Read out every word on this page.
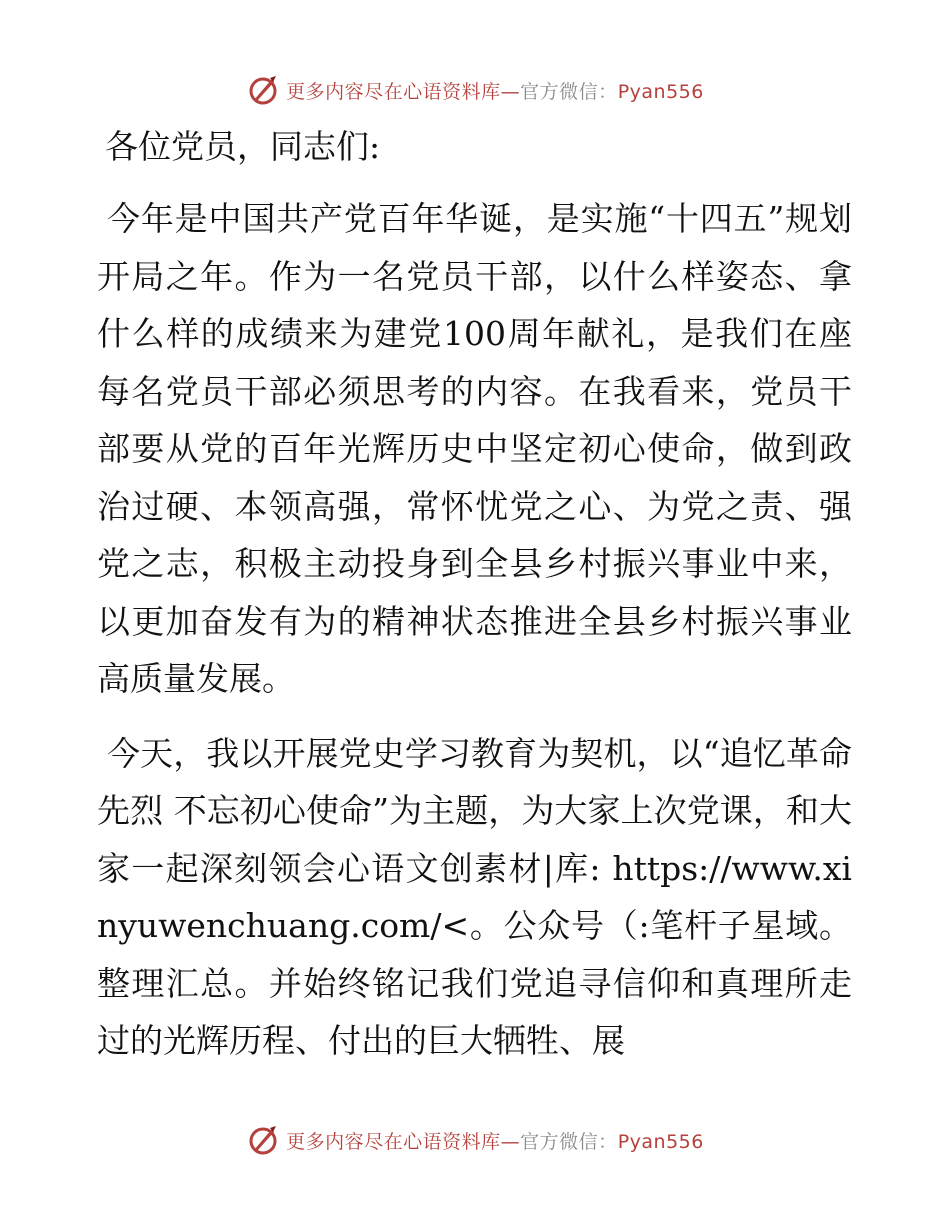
更多内容尽在心语资料库—官方微信：Pyan556
各位党员，同志们:

今年是中国共产党百年华诞，是实施“十四五”规划开局之年。作为一名党员干部，以什么样姿态、拿什么样的成绩来为建党100周年献礼，是我们在座每名党员干部必须思考的内容。在我看来，党员干部要从党的百年光辉历史中坚定初心使命，做到政治过硬、本领高强，常怀忧党之心、为党之责、强党之志，积极主动投身到全县乡村振兴事业中来，以更加奋发有为的精神状态推进全县乡村振兴事业高质量发展。

今天，我以开展党史学习教育为契机，以“追忆革命先烈 不忘初心使命”为主题，为大家上次党课，和大家一起深刻领会心语文创素材|库: https://www.xinyuwenchuang.com/<。公众号（:笔杆子星域。整理汇总。并始终铭记我们党追寻信仰和真理所走过的光辉历程、付出的巨大牺牲、展

更多内容尽在心语资料库—官方微信：Pyan556
